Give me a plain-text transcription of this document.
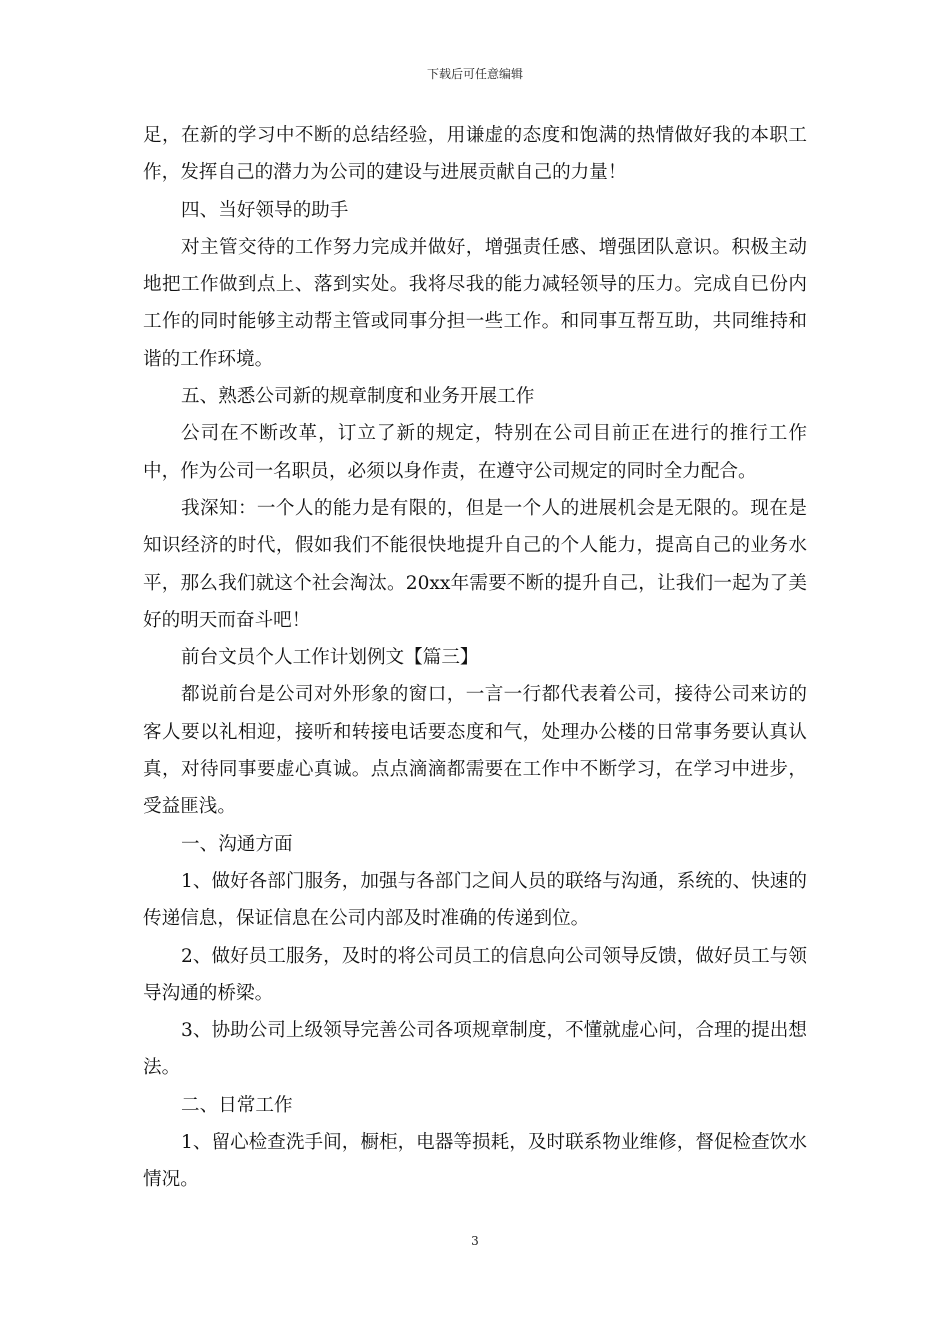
下载后可任意编辑

足，在新的学习中不断的总结经验，用谦虚的态度和饱满的热情做好我的本职工作，发挥自己的潜力为公司的建设与进展贡献自己的力量！

四、当好领导的助手

对主管交待的工作努力完成并做好，增强责任感、增强团队意识。积极主动地把工作做到点上、落到实处。我将尽我的能力减轻领导的压力。完成自已份内工作的同时能够主动帮主管或同事分担一些工作。和同事互帮互助，共同维持和谐的工作环境。

五、熟悉公司新的规章制度和业务开展工作

公司在不断改革，订立了新的规定，特别在公司目前正在进行的推行工作中，作为公司一名职员，必须以身作责，在遵守公司规定的同时全力配合。

我深知：一个人的能力是有限的，但是一个人的进展机会是无限的。现在是知识经济的时代，假如我们不能很快地提升自己的个人能力，提高自己的业务水平，那么我们就这个社会淘汰。20xx年需要不断的提升自己，让我们一起为了美好的明天而奋斗吧！

前台文员个人工作计划例文【篇三】

都说前台是公司对外形象的窗口，一言一行都代表着公司，接待公司来访的客人要以礼相迎，接听和转接电话要态度和气，处理办公楼的日常事务要认真认真，对待同事要虚心真诚。点点滴滴都需要在工作中不断学习，在学习中进步，受益匪浅。

一、沟通方面

1、做好各部门服务，加强与各部门之间人员的联络与沟通，系统的、快速的传递信息，保证信息在公司内部及时准确的传递到位。

2、做好员工服务，及时的将公司员工的信息向公司领导反馈，做好员工与领导沟通的桥梁。

3、协助公司上级领导完善公司各项规章制度，不懂就虚心问，合理的提出想法。

二、日常工作

1、留心检查洗手间，橱柜，电器等损耗，及时联系物业维修，督促检查饮水情况。

3
